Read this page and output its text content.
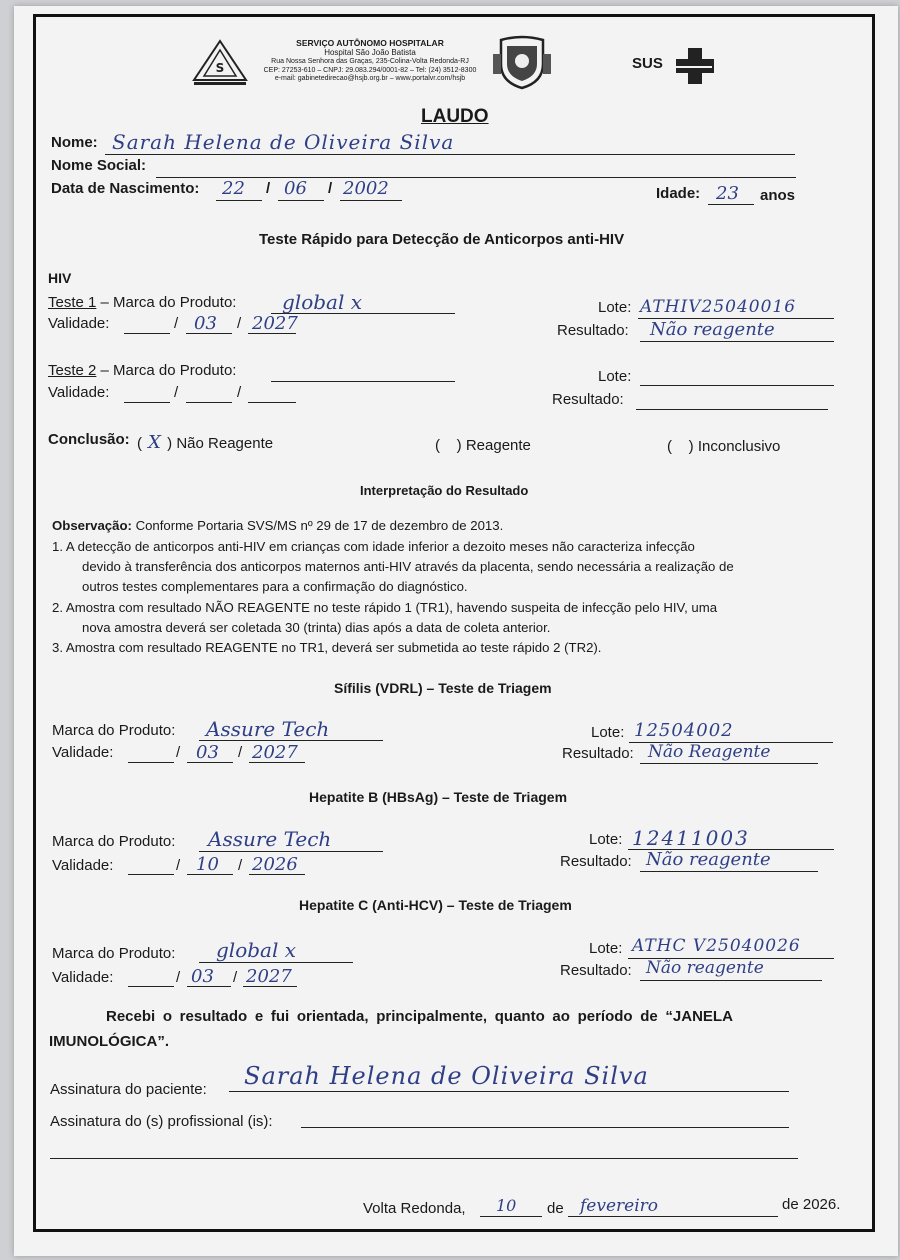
S
SERVIÇO AUTÔNOMO HOSPITALAR
Hospital São João Batista
Rua Nossa Senhora das Graças, 235-Colina-Volta Redonda-RJ
CEP: 27253-610 – CNPJ: 29.083.294/0001-82 – Tel: (24) 3512-8300
e-mail: gabinetedirecao@hsjb.org.br – www.portalvr.com/hsjb
SUS
LAUDO
Nome: Sarah Helena de Oliveira Silva
Nome Social:
Data de Nascimento: 22 / 06 / 2002	Idade: 23 anos
Teste Rápido para Detecção de Anticorpos anti-HIV
HIV
Teste 1 – Marca do Produto: global x
Validade:	/ 03 / 2027
Lote: ATHIV25040016
Resultado: Não reagente
Teste 2 – Marca do Produto:
Validade:	/	/
Lote:
Resultado:
Conclusão: ( X ) Não Reagente	(    ) Reagente	(    ) Inconclusivo
Interpretação do Resultado
Observação: Conforme Portaria SVS/MS nº 29 de 17 de dezembro de 2013.
1. A detecção de anticorpos anti-HIV em crianças com idade inferior a dezoito meses não caracteriza infecção
devido à transferência dos anticorpos maternos anti-HIV através da placenta, sendo necessária a realização de
outros testes complementares para a confirmação do diagnóstico.
2. Amostra com resultado NÃO REAGENTE no teste rápido 1 (TR1), havendo suspeita de infecção pelo HIV, uma
nova amostra deverá ser coletada 30 (trinta) dias após a data de coleta anterior.
3. Amostra com resultado REAGENTE no TR1, deverá ser submetida ao teste rápido 2 (TR2).
Sífilis (VDRL) – Teste de Triagem
Marca do Produto: Assure Tech
Validade:	/ 03 / 2027
Lote: 12504002
Resultado: Não Reagente
Hepatite B (HBsAg) – Teste de Triagem
Marca do Produto: Assure Tech
Validade:	/ 10 / 2026
Lote: 12411003
Resultado: Não reagente
Hepatite C (Anti-HCV) – Teste de Triagem
Marca do Produto: global x
Validade:	/ 03 / 2027
Lote: ATHC V25040026
Resultado: Não reagente
Recebi o resultado e fui orientada, principalmente, quanto ao período de “JANELA
IMUNOLÓGICA”.
Assinatura do paciente: Sarah Helena de Oliveira Silva
Assinatura do (s) profissional (is):
Volta Redonda, 10 de fevereiro	de 2026.
